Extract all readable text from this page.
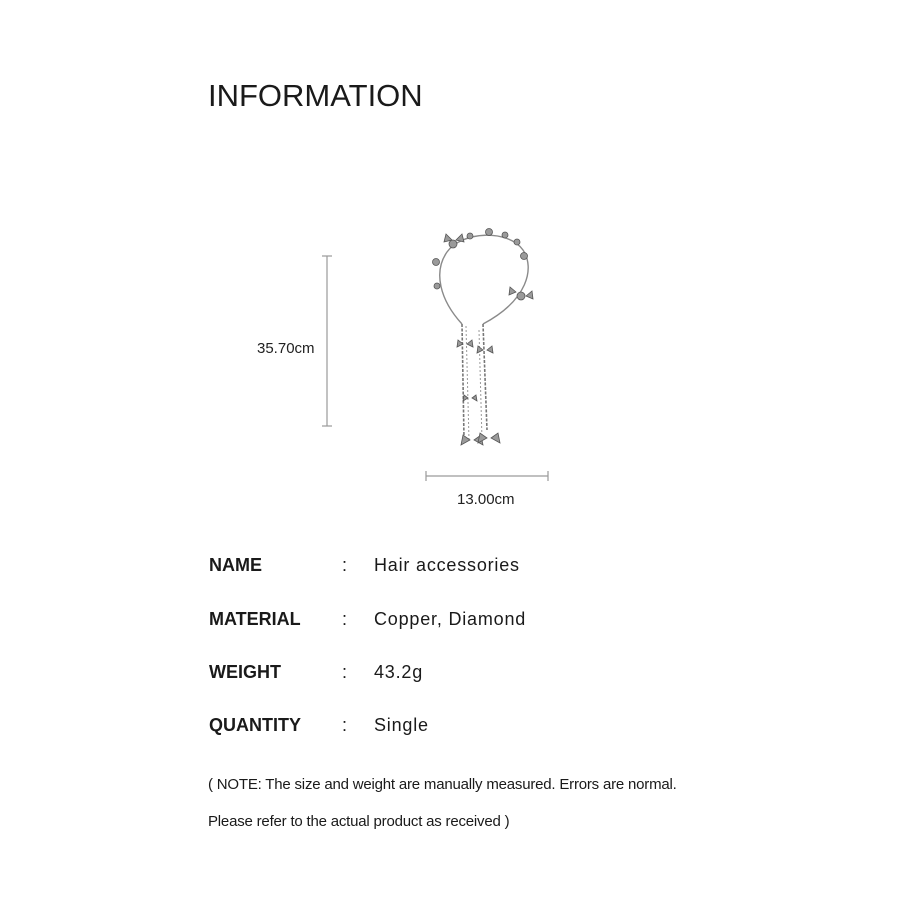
INFORMATION
35.70cm
13.00cm
NAME	: Hair accessories
MATERIAL : Copper, Diamond
WEIGHT	: 43.2g
QUANTITY : Single
( NOTE: The size and weight are manually measured. Errors are normal.
Please refer to the actual product as received )
